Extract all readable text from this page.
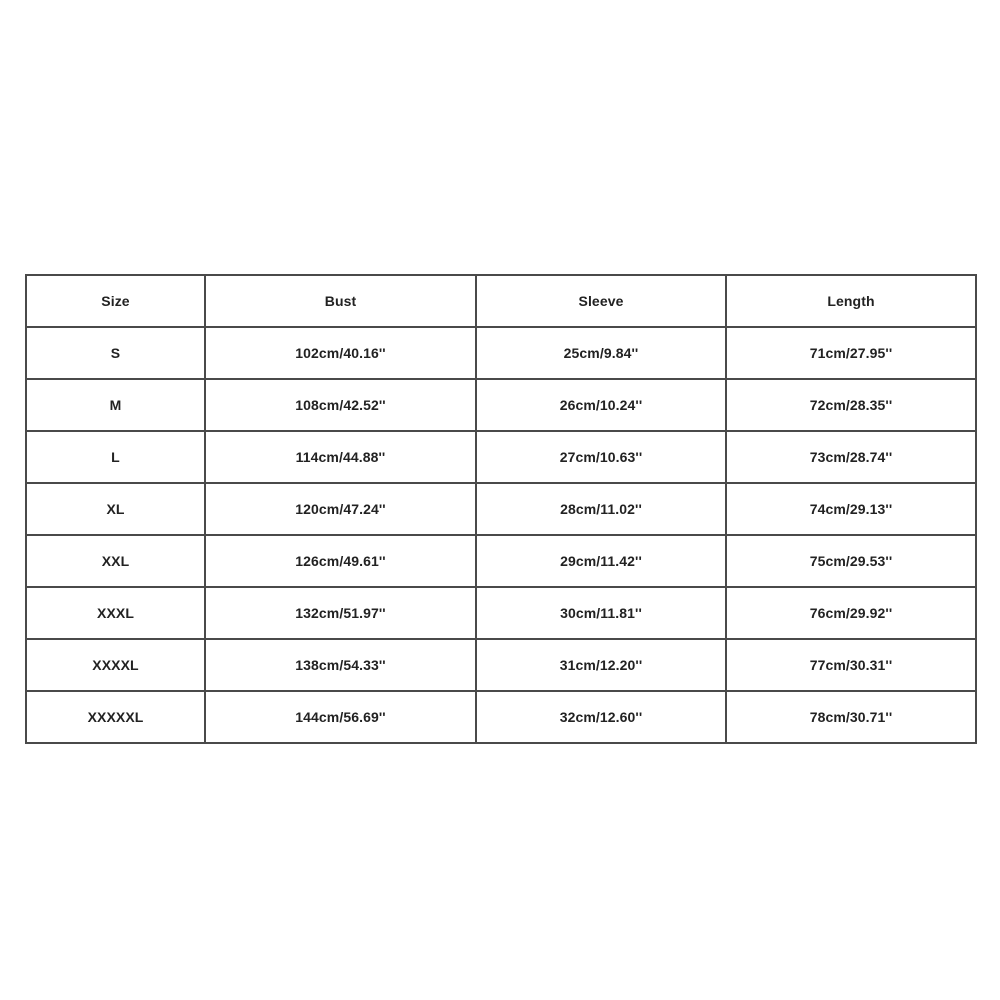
Size	Bust	Sleeve	Length
S	102cm/40.16''	25cm/9.84''	71cm/27.95''
M	108cm/42.52''	26cm/10.24''	72cm/28.35''
L	114cm/44.88''	27cm/10.63''	73cm/28.74''
XL	120cm/47.24''	28cm/11.02''	74cm/29.13''
XXL	126cm/49.61''	29cm/11.42''	75cm/29.53''
XXXL	132cm/51.97''	30cm/11.81''	76cm/29.92''
XXXXL	138cm/54.33''	31cm/12.20''	77cm/30.31''
XXXXXL	144cm/56.69''	32cm/12.60''	78cm/30.71''
